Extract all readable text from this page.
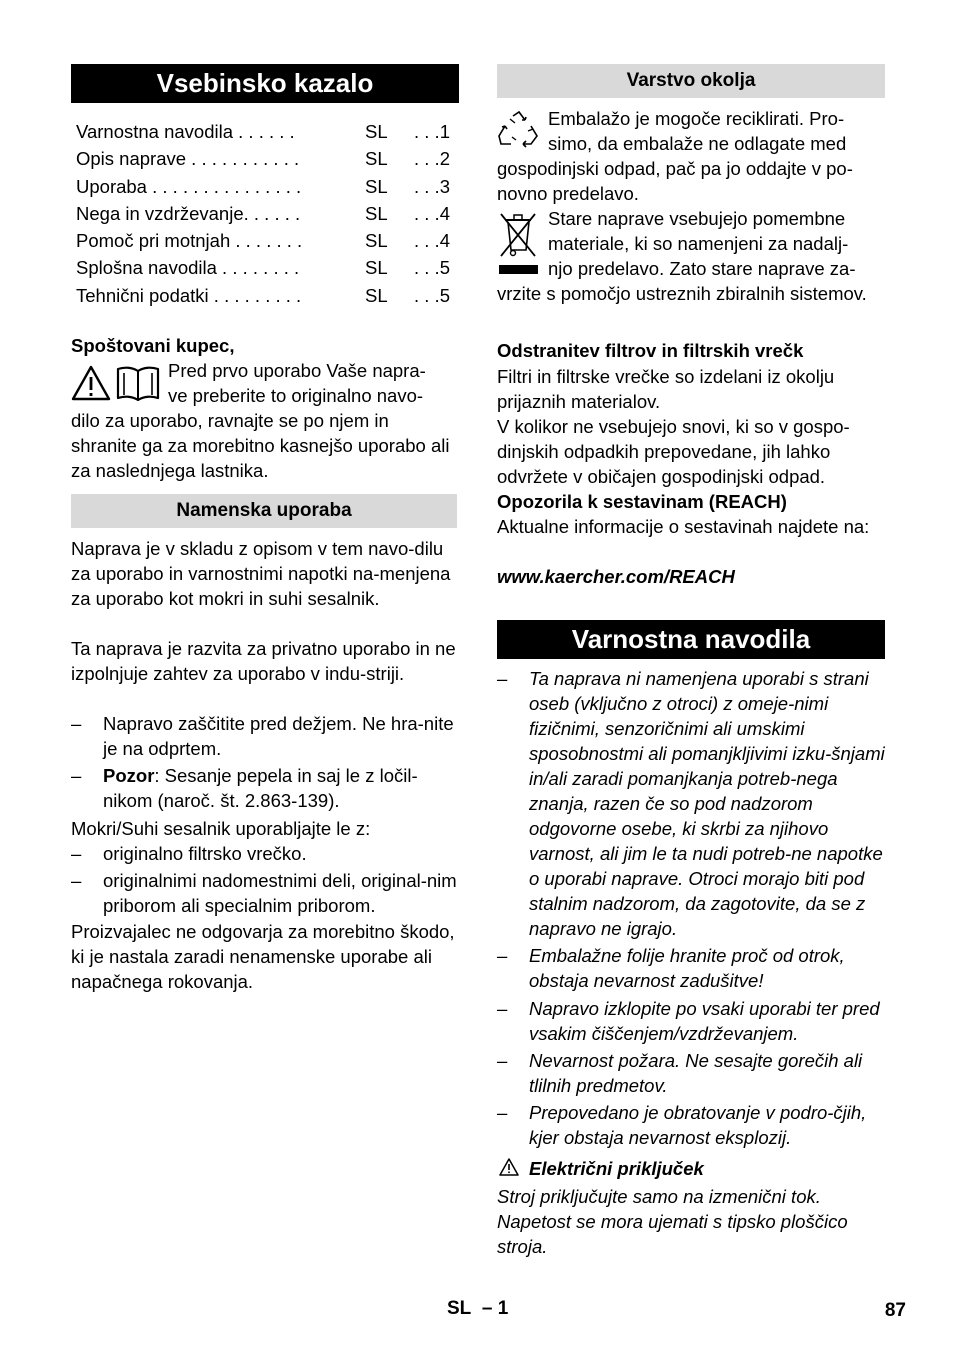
Vsebinsko kazalo
Varnostna navodila . . . . . .	SL . . .1
Opis naprave . . . . . . . . . . .	SL . . .2
Uporaba . . . . . . . . . . . . . . .	SL . . .3
Nega in vzdrževanje. . . . . .	SL . . .4
Pomoč pri motnjah . . . . . . .	SL . . .4
Splošna navodila . . . . . . . .	SL . . .5
Tehnični podatki . . . . . . . . .	SL . . .5
Spoštovani kupec,
Pred prvo uporabo Vaše napra-
ve preberite to originalno navo-
dilo za uporabo, ravnajte se po njem in shranite ga za morebitno kasnejšo uporabo ali za naslednjega lastnika.
Namenska uporaba
Naprava je v skladu z opisom v tem navo-dilu za uporabo in varnostnimi napotki na-menjena za uporabo kot mokri in suhi sesalnik.
Ta naprava je razvita za privatno uporabo in ne izpolnjuje zahtev za uporabo v indu-striji.
– Napravo zaščitite pred dežjem. Ne hra-nite je na odprtem.
– Pozor: Sesanje pepela in saj le z ločil-nikom (naroč. št. 2.863-139).
Mokri/Suhi sesalnik uporabljajte le z:
– originalno filtrsko vrečko.
– originalnimi nadomestnimi deli, original-nim priborom ali specialnim priborom.
Proizvajalec ne odgovarja za morebitno škodo, ki je nastala zaradi nenamenske uporabe ali napačnega rokovanja.
Varstvo okolja
Embalažo je mogoče reciklirati. Pro-
simo, da embalaže ne odlagate med
gospodinjski odpad, pač pa jo oddajte v po-novno predelavo.
Stare naprave vsebujejo pomembne
materiale, ki so namenjeni za nadalj-
njo predelavo. Zato stare naprave za-
vrzite s pomočjo ustreznih zbiralnih sistemov.
Odstranitev filtrov in filtrskih vrečk
Filtri in filtrske vrečke so izdelani iz okolju prijaznih materialov.
V kolikor ne vsebujejo snovi, ki so v gospo-dinjskih odpadkih prepovedane, jih lahko odvržete v običajen gospodinjski odpad.
Opozorila k sestavinam (REACH)
Aktualne informacije o sestavinah najdete na:
www.kaercher.com/REACH
Varnostna navodila
– Ta naprava ni namenjena uporabi s strani oseb (vključno z otroci) z omeje-nimi fizičnimi, senzoričnimi ali umskimi sposobnostmi ali pomanjkljivimi izku-šnjami in/ali zaradi pomanjkanja potreb-nega znanja, razen če so pod nadzorom odgovorne osebe, ki skrbi za njihovo varnost, ali jim le ta nudi potreb-ne napotke o uporabi naprave. Otroci morajo biti pod stalnim nadzorom, da zagotovite, da se z napravo ne igrajo.
– Embalažne folije hranite proč od otrok, obstaja nevarnost zadušitve!
– Napravo izklopite po vsaki uporabi ter pred vsakim čiščenjem/vzdrževanjem.
– Nevarnost požara. Ne sesajte gorečih ali tlilnih predmetov.
– Prepovedano je obratovanje v podro-čjih, kjer obstaja nevarnost eksplozij.
Električni priključek
Stroj priključujte samo na izmenični tok. Napetost se mora ujemati s tipsko ploščico stroja.
SL – 1	87
